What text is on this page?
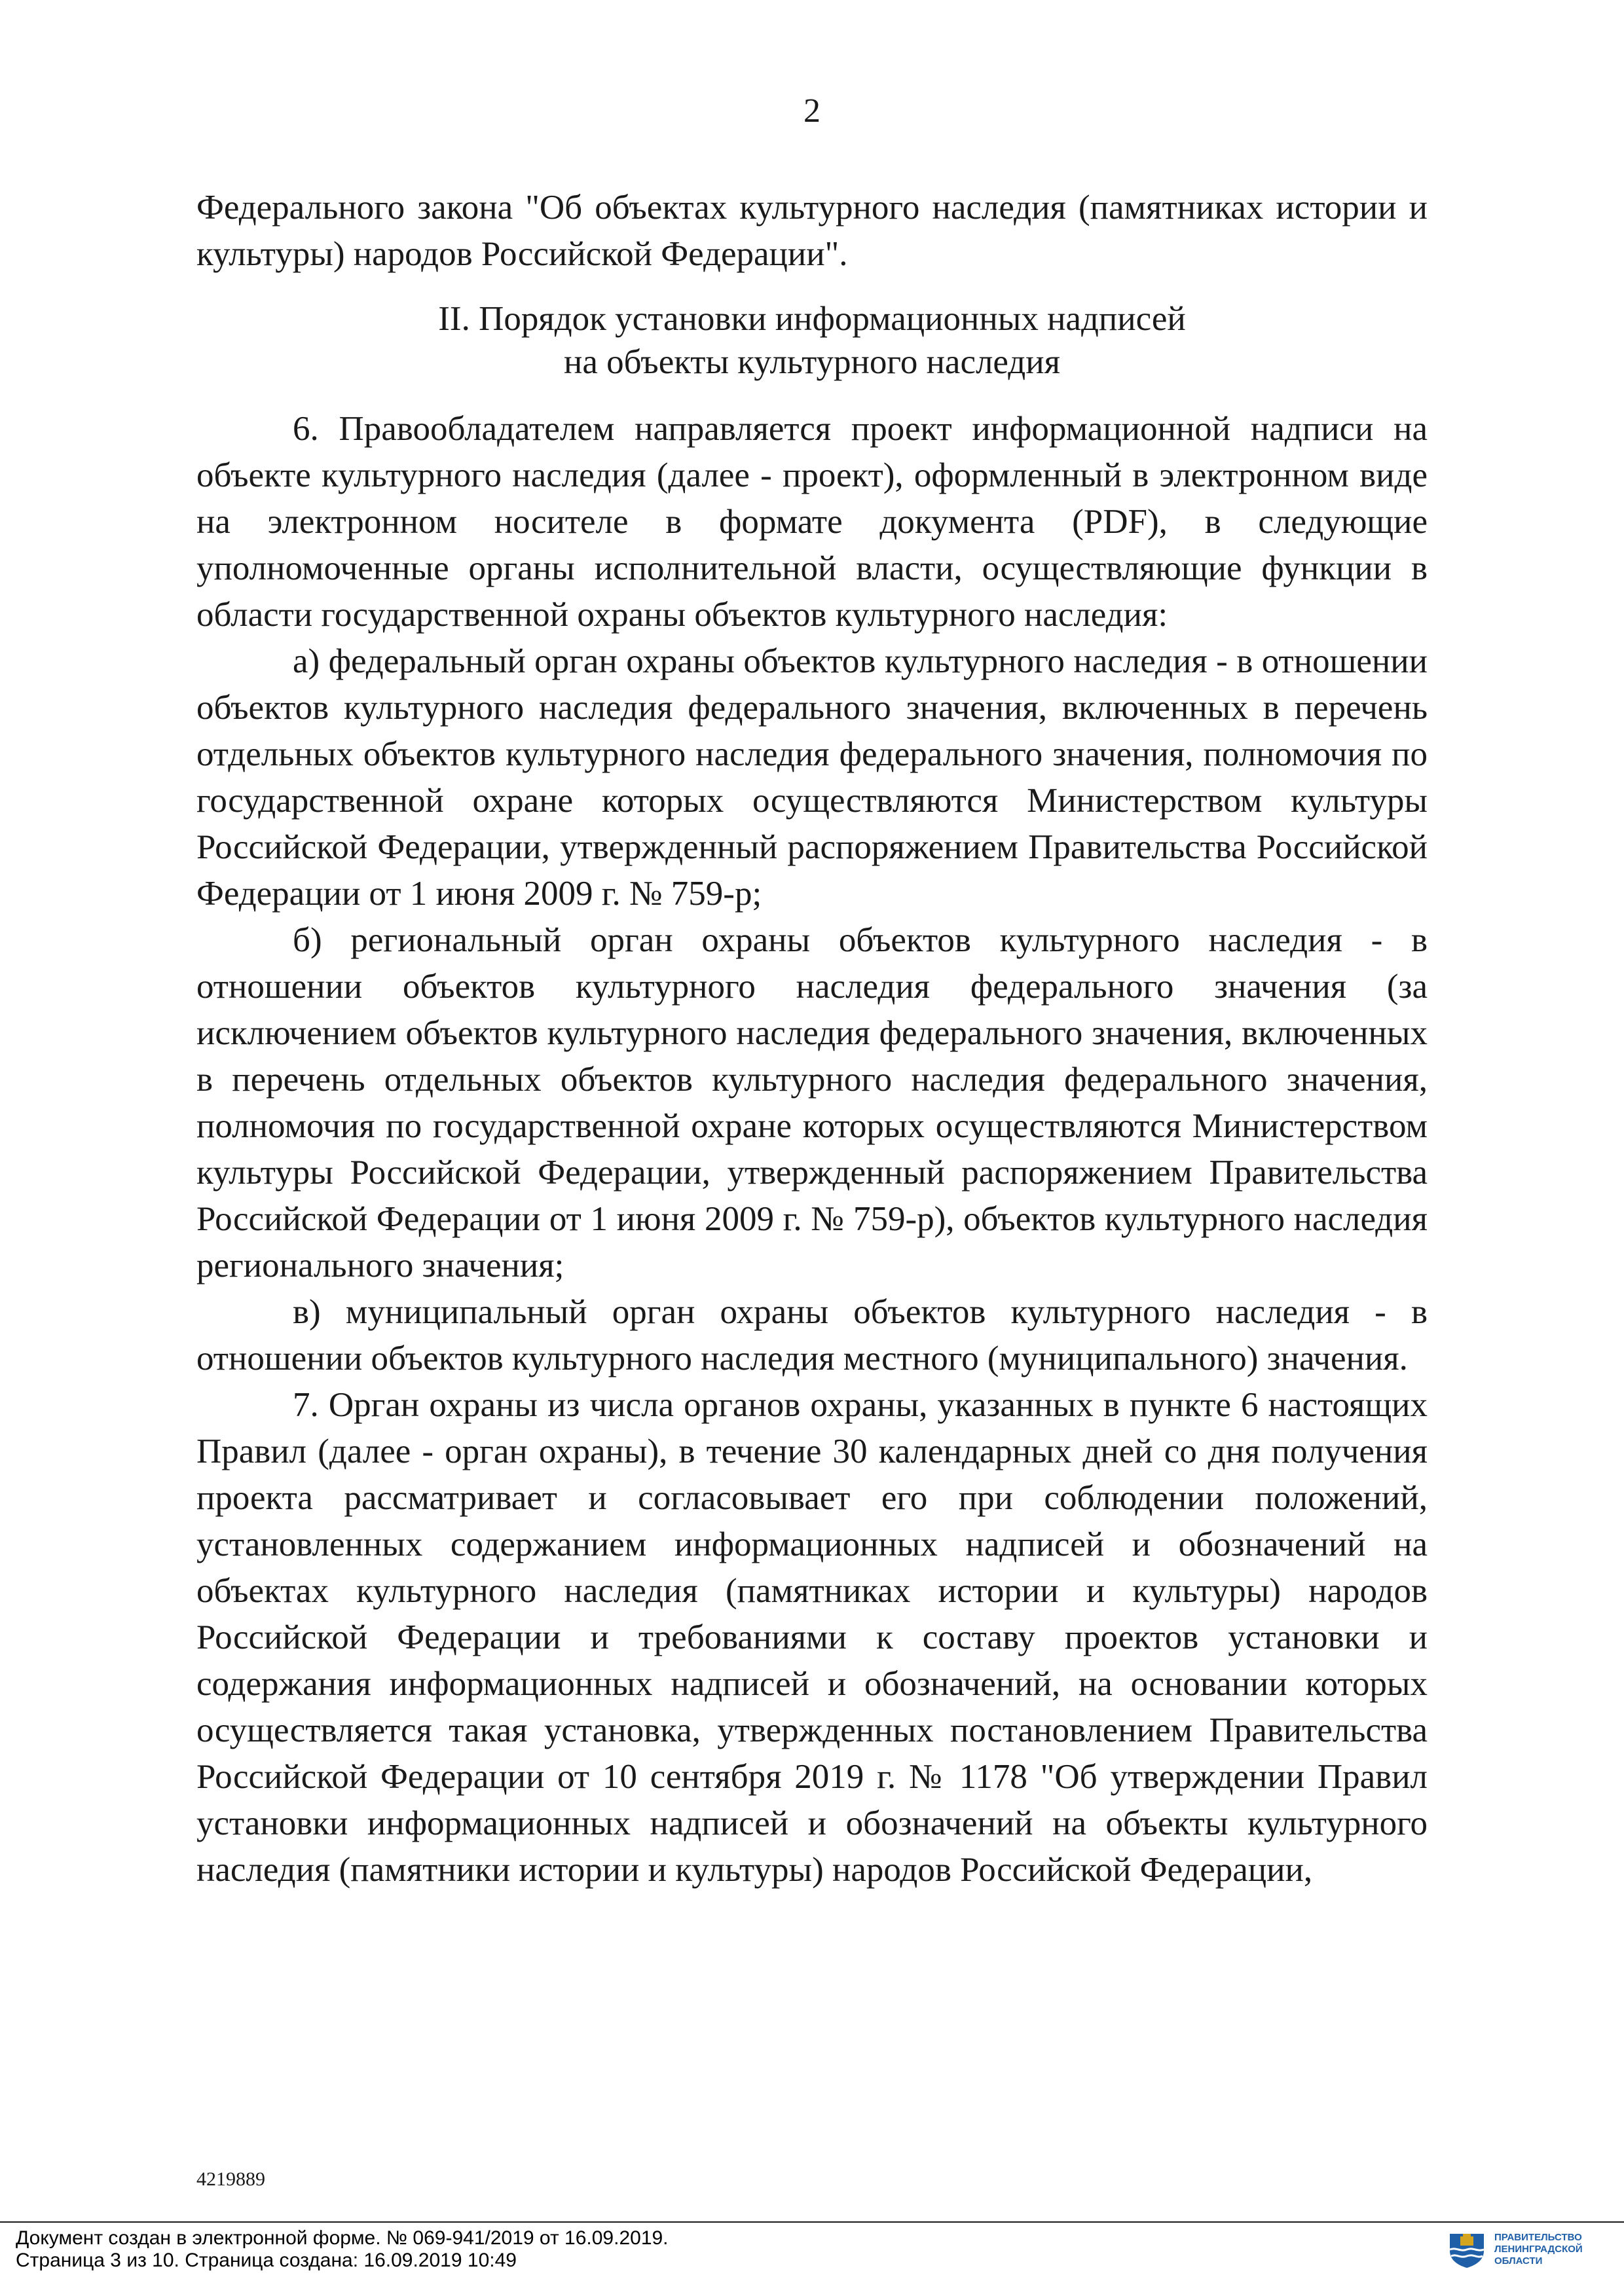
2

Федерального закона "Об объектах культурного наследия (памятниках истории и культуры) народов Российской Федерации".

II. Порядок установки информационных надписей
на объекты культурного наследия

6. Правообладателем направляется проект информационной надписи на объекте культурного наследия (далее - проект), оформленный в электронном виде на электронном носителе в формате документа (PDF), в следующие уполномоченные органы исполнительной власти, осуществляющие функции в области государственной охраны объектов культурного наследия:

а) федеральный орган охраны объектов культурного наследия - в отношении объектов культурного наследия федерального значения, включенных в перечень отдельных объектов культурного наследия федерального значения, полномочия по государственной охране которых осуществляются Министерством культуры Российской Федерации, утвержденный распоряжением Правительства Российской Федерации от 1 июня 2009 г. № 759-р;

б) региональный орган охраны объектов культурного наследия - в отношении объектов культурного наследия федерального значения (за исключением объектов культурного наследия федерального значения, включенных в перечень отдельных объектов культурного наследия федерального значения, полномочия по государственной охране которых осуществляются Министерством культуры Российской Федерации, утвержденный распоряжением Правительства Российской Федерации от 1 июня 2009 г. № 759-р), объектов культурного наследия регионального значения;

в) муниципальный орган охраны объектов культурного наследия - в отношении объектов культурного наследия местного (муниципального) значения.

7. Орган охраны из числа органов охраны, указанных в пункте 6 настоящих Правил (далее - орган охраны), в течение 30 календарных дней со дня получения проекта рассматривает и согласовывает его при соблюдении положений, установленных содержанием информационных надписей и обозначений на объектах культурного наследия (памятниках истории и культуры) народов Российской Федерации и требованиями к составу проектов установки и содержания информационных надписей и обозначений, на основании которых осуществляется такая установка, утвержденных постановлением Правительства Российской Федерации от 10 сентября 2019 г. № 1178 "Об утверждении Правил установки информационных надписей и обозначений на объекты культурного наследия (памятники истории и культуры) народов Российской Федерации,

4219889
Документ создан в электронной форме. № 069-941/2019 от 16.09.2019.
Страница 3 из 10. Страница создана: 16.09.2019 10:49
ПРАВИТЕЛЬСТВО
ЛЕНИНГРАДСКОЙ
ОБЛАСТИ
